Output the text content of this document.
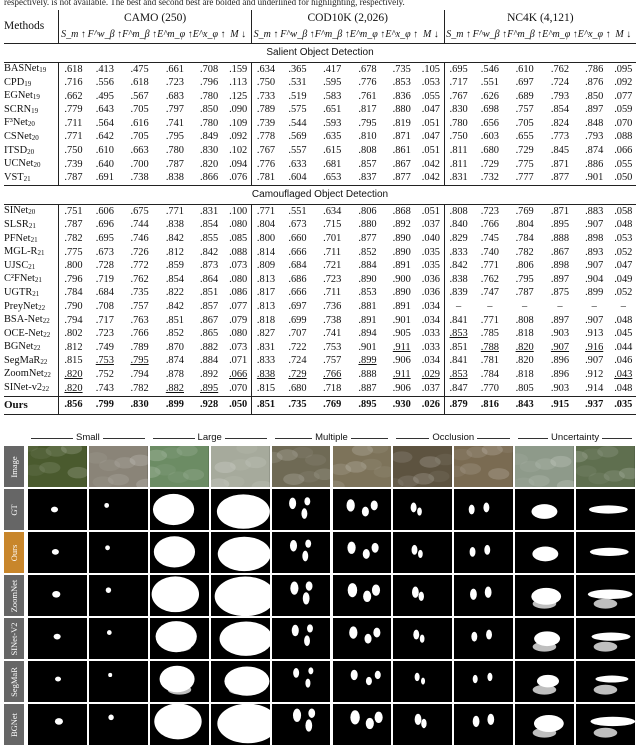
respectively. is not available. The best and second best are bolded and underlined for highlighting, respectively.
Methods	CAMO (250)						COD10K (2,026)						NC4K (4,121)					
	S_m ↑	F^w_β ↑	F^m_β ↑	E^m_φ ↑	E^x_φ ↑	M ↓	S_m ↑	F^w_β ↑	F^m_β ↑	E^m_φ ↑	E^x_φ ↑	M ↓	S_m ↑	F^w_β ↑	F^m_β ↑	E^m_φ ↑	E^x_φ ↑	M ↓
Salient Object Detection																		
BASNet$_{19}$	.618	.413	.475	.661	.708	.159	.634	.365	.417	.678	.735	.105	.695	.546	.610	.762	.786	.095
$CPD_{19}$	.716	.556	.618	.723	.796	.113	.750	.531	.595	.776	.853	.053	.717	.551	.697	.724	.876	.092
EGNet$_{19}$	.662	.495	.567	.683	.780	.125	.733	.519	.583	.761	.836	.055	.767	.626	.689	.793	.850	.077
$SCRN_{19}$	.779	.643	.705	.797	.850	.090	.789	.575	.651	.817	.880	.047	.830	.698	.757	.854	.897	.059
F³Net$_{20}$	.711	.564	.616	.741	.780	.109	.739	.544	.593	.795	.819	.051	.780	.656	.705	.824	.848	.070
CSNet$_{20}$	.771	.642	.705	.795	.849	.092	.778	.569	.635	.810	.871	.047	.750	.603	.655	.773	.793	.088
$ITSD_{20}$	.750	.610	.663	.780	.830	.102	.767	.557	.615	.808	.861	.051	.811	.680	.729	.845	.874	.066
UCNet$_{20}$	.739	.640	.700	.787	.820	.094	.776	.633	.681	.857	.867	.042	.811	.729	.775	.871	.886	.055
$VST_{21}$	.787	.691	.738	.838	.866	.076	.781	.604	.653	.837	.877	.042	.831	.732	.777	.877	.901	.050
Camouflaged Object Detection																		
SINet$_{20}$	.751	.606	.675	.771	.831	.100	.771	.551	.634	.806	.868	.051	.808	.723	.769	.871	.883	.058
$SLSR_{21}$	.787	.696	.744	.838	.854	.080	.804	.673	.715	.880	.892	.037	.840	.766	.804	.895	.907	.048
PFNet$_{21}$	.782	.695	.746	.842	.855	.085	.800	.660	.701	.877	.890	.040	.829	.745	.784	.888	.898	.053
MGL-$R_{21}$	.775	.673	.726	.812	.842	.088	.814	.666	.711	.852	.890	.035	.833	.740	.782	.867	.893	.052
$UJSC_{21}$	.800	.728	.772	.859	.873	.073	.809	.684	.721	.884	.891	.035	.842	.771	.806	.898	.907	.047
C²FNet$_{21}$	.796	.719	.762	.854	.864	.080	.813	.686	.723	.890	.900	.036	.838	.762	.795	.897	.904	.049
$UGTR_{21}$	.784	.684	.735	.822	.851	.086	.817	.666	.711	.853	.890	.036	.839	.747	.787	.875	.899	.052
PreyNet$_{22}$	.790	.708	.757	.842	.857	.077	.813	.697	.736	.881	.891	.034	–	–	–	–	–	–
BSA-Net$_{22}$	.794	.717	.763	.851	.867	.079	.818	.699	.738	.891	.901	.034	.841	.771	.808	.897	.907	.048
OCE-Net$_{22}$	.802	.723	.766	.852	.865	.080	.827	.707	.741	.894	.905	.033	.853	.785	.818	.903	.913	.045
BGNet$_{22}$	.812	.749	.789	.870	.882	.073	.831	.722	.753	.901	.911	.033	.851	.788	.820	.907	.916	.044
SegMaR$_{22}$	.815	.753	.795	.874	.884	.071	.833	.724	.757	.899	.906	.034	.841	.781	.820	.896	.907	.046
ZoomNet$_{22}$	.820	.752	.794	.878	.892	.066	.838	.729	.766	.888	.911	.029	.853	.784	.818	.896	.912	.043
SINet-$v2_{22}$	.820	.743	.782	.882	.895	.070	.815	.680	.718	.887	.906	.037	.847	.770	.805	.903	.914	.048
Ours	.856	.799	.830	.899	.928	.050	.851	.735	.769	.895	.930	.026	.879	.816	.843	.915	.937	.035
Small	Large	Multiple	Occlusion	Uncertainty
Image
GT
Ours
ZoomNet
SINet-V2
SegMaR
BGNet
